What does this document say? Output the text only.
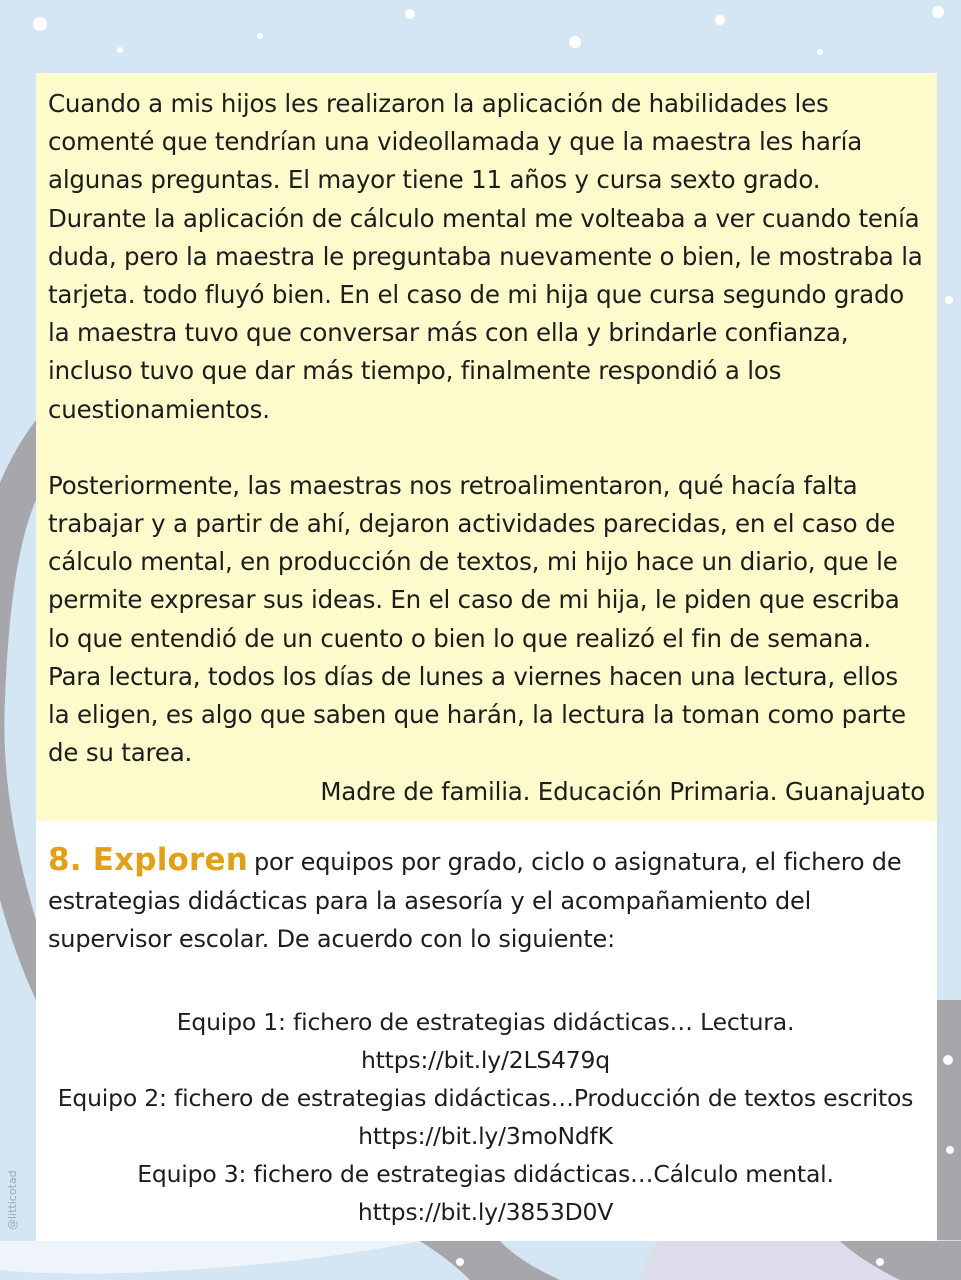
Cuando a mis hijos les realizaron la aplicación de habilidades les comenté que tendrían una videollamada y que la maestra les haría algunas preguntas. El mayor tiene 11 años y cursa sexto grado. Durante la aplicación de cálculo mental me volteaba a ver cuando tenía duda, pero la maestra le preguntaba nuevamente o bien, le mostraba la tarjeta. todo fluyó bien. En el caso de mi hija que cursa segundo grado la maestra tuvo que conversar más con ella y brindarle confianza, incluso tuvo que dar más tiempo, finalmente respondió a los cuestionamientos.

Posteriormente, las maestras nos retroalimentaron, qué hacía falta trabajar y a partir de ahí, dejaron actividades parecidas, en el caso de cálculo mental, en producción de textos, mi hijo hace un diario, que le permite expresar sus ideas. En el caso de mi hija, le piden que escriba lo que entendió de un cuento o bien lo que realizó el fin de semana. Para lectura, todos los días de lunes a viernes hacen una lectura, ellos la eligen, es algo que saben que harán, la lectura la toman como parte de su tarea.

Madre de familia. Educación Primaria. Guanajuato

8. Exploren por equipos por grado, ciclo o asignatura, el fichero de estrategias didácticas para la asesoría y el acompañamiento del supervisor escolar. De acuerdo con lo siguiente:

Equipo 1: fichero de estrategias didácticas… Lectura.
https://bit.ly/2LS479q
Equipo 2: fichero de estrategias didácticas…Producción de textos escritos
https://bit.ly/3moNdfK
Equipo 3: fichero de estrategias didácticas…Cálculo mental.
https://bit.ly/3853D0V
@litticotad
